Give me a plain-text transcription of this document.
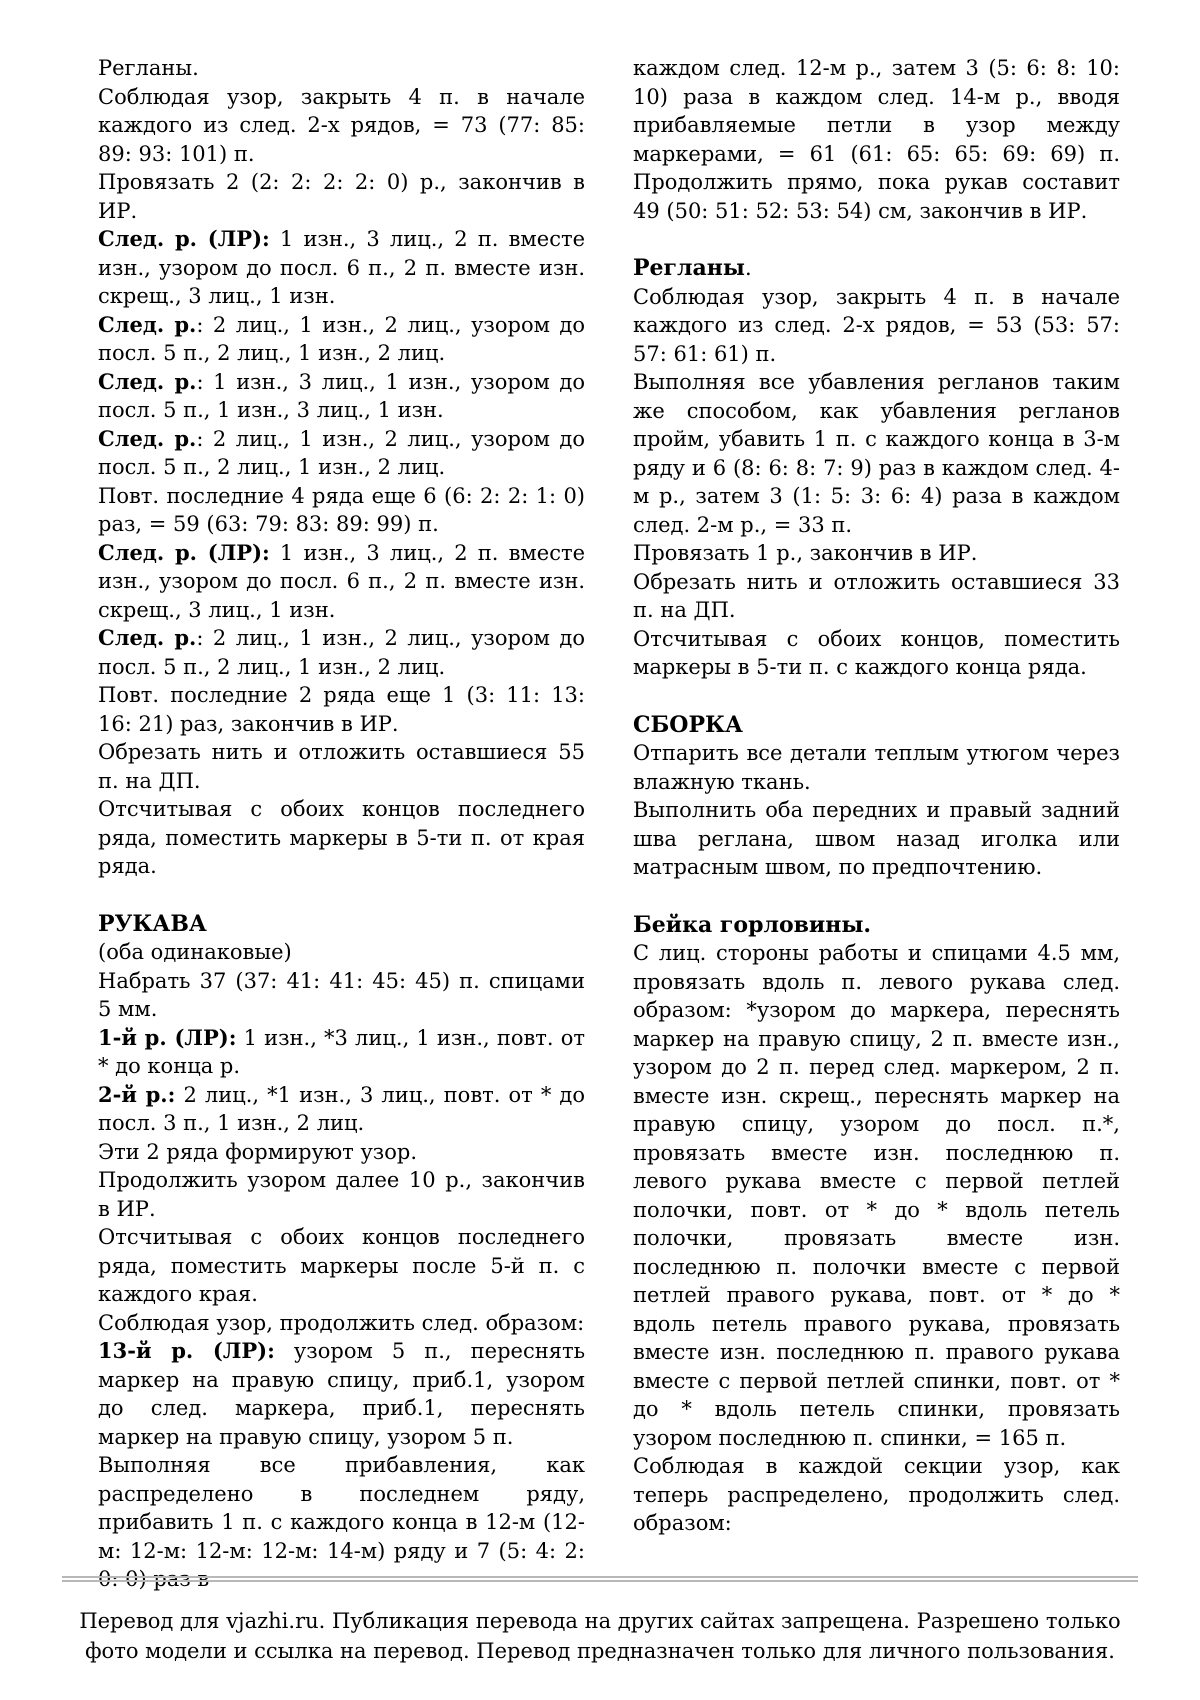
Регланы.

Соблюдая узор, закрыть 4 п. в начале каждого из след. 2-х рядов, = 73 (77: 85: 89: 93: 101) п.

Провязать 2 (2: 2: 2: 2: 0) р., закончив в ИР.

След. р. (ЛР): 1 изн., 3 лиц., 2 п. вместе изн., узором до посл. 6 п., 2 п. вместе изн. скрещ., 3 лиц., 1 изн.

След. р.: 2 лиц., 1 изн., 2 лиц., узором до посл. 5 п., 2 лиц., 1 изн., 2 лиц.

След. р.: 1 изн., 3 лиц., 1 изн., узором до посл. 5 п., 1 изн., 3 лиц., 1 изн.

След. р.: 2 лиц., 1 изн., 2 лиц., узором до посл. 5 п., 2 лиц., 1 изн., 2 лиц.

Повт. последние 4 ряда еще 6 (6: 2: 2: 1: 0) раз, = 59 (63: 79: 83: 89: 99) п.

След. р. (ЛР): 1 изн., 3 лиц., 2 п. вместе изн., узором до посл. 6 п., 2 п. вместе изн. скрещ., 3 лиц., 1 изн.

След. р.: 2 лиц., 1 изн., 2 лиц., узором до посл. 5 п., 2 лиц., 1 изн., 2 лиц.

Повт. последние 2 ряда еще 1 (3: 11: 13: 16: 21) раз, закончив в ИР.

Обрезать нить и отложить оставшиеся 55 п. на ДП.

Отсчитывая с обоих концов последнего ряда, поместить маркеры в 5-ти п. от края ряда.

РУКАВА

(оба одинаковые)

Набрать 37 (37: 41: 41: 45: 45) п. спицами 5 мм.

1-й р. (ЛР): 1 изн., *3 лиц., 1 изн., повт. от * до конца р.

2-й р.: 2 лиц., *1 изн., 3 лиц., повт. от * до посл. 3 п., 1 изн., 2 лиц.

Эти 2 ряда формируют узор.

Продолжить узором далее 10 р., закончив в ИР.

Отсчитывая с обоих концов последнего ряда, поместить маркеры после 5-й п. с каждого края.

Соблюдая узор, продолжить след. образом:

13-й р. (ЛР): узором 5 п., переснять маркер на правую спицу, приб.1, узором до след. маркера, приб.1, переснять маркер на правую спицу, узором 5 п.

Выполняя все прибавления, как распределено в последнем ряду, прибавить 1 п. с каждого конца в 12-м (12-м: 12-м: 12-м: 12-м: 14-м) ряду и 7 (5: 4: 2: 0: 0) раз в

каждом след. 12-м р., затем 3 (5: 6: 8: 10: 10) раза в каждом след. 14-м р., вводя прибавляемые петли в узор между маркерами, = 61 (61: 65: 65: 69: 69) п. Продолжить прямо, пока рукав составит 49 (50: 51: 52: 53: 54) см, закончив в ИР.

Регланы.

Соблюдая узор, закрыть 4 п. в начале каждого из след. 2-х рядов, = 53 (53: 57: 57: 61: 61) п.

Выполняя все убавления регланов таким же способом, как убавления регланов пройм, убавить 1 п. с каждого конца в 3-м ряду и 6 (8: 6: 8: 7: 9) раз в каждом след. 4-м р., затем 3 (1: 5: 3: 6: 4) раза в каждом след. 2-м р., = 33 п.

Провязать 1 р., закончив в ИР.

Обрезать нить и отложить оставшиеся 33 п. на ДП.

Отсчитывая с обоих концов, поместить маркеры в 5-ти п. с каждого конца ряда.

СБОРКА

Отпарить все детали теплым утюгом через влажную ткань.

Выполнить оба передних и правый задний шва реглана, швом назад иголка или матрасным швом, по предпочтению.

Бейка горловины.

С лиц. стороны работы и спицами 4.5 мм, провязать вдоль п. левого рукава след. образом: *узором до маркера, переснять маркер на правую спицу, 2 п. вместе изн., узором до 2 п. перед след. маркером, 2 п. вместе изн. скрещ., переснять маркер на правую спицу, узором до посл. п.*, провязать вместе изн. последнюю п. левого рукава вместе с первой петлей полочки, повт. от * до * вдоль петель полочки, провязать вместе изн. последнюю п. полочки вместе с первой петлей правого рукава, повт. от * до * вдоль петель правого рукава, провязать вместе изн. последнюю п. правого рукава вместе с первой петлей спинки, повт. от * до * вдоль петель спинки, провязать узором последнюю п. спинки, = 165 п.

Соблюдая в каждой секции узор, как теперь распределено, продолжить след. образом:

Перевод для vjazhi.ru. Публикация перевода на других сайтах запрещена. Разрешено только
фото модели и ссылка на перевод. Перевод предназначен только для личного пользования.
